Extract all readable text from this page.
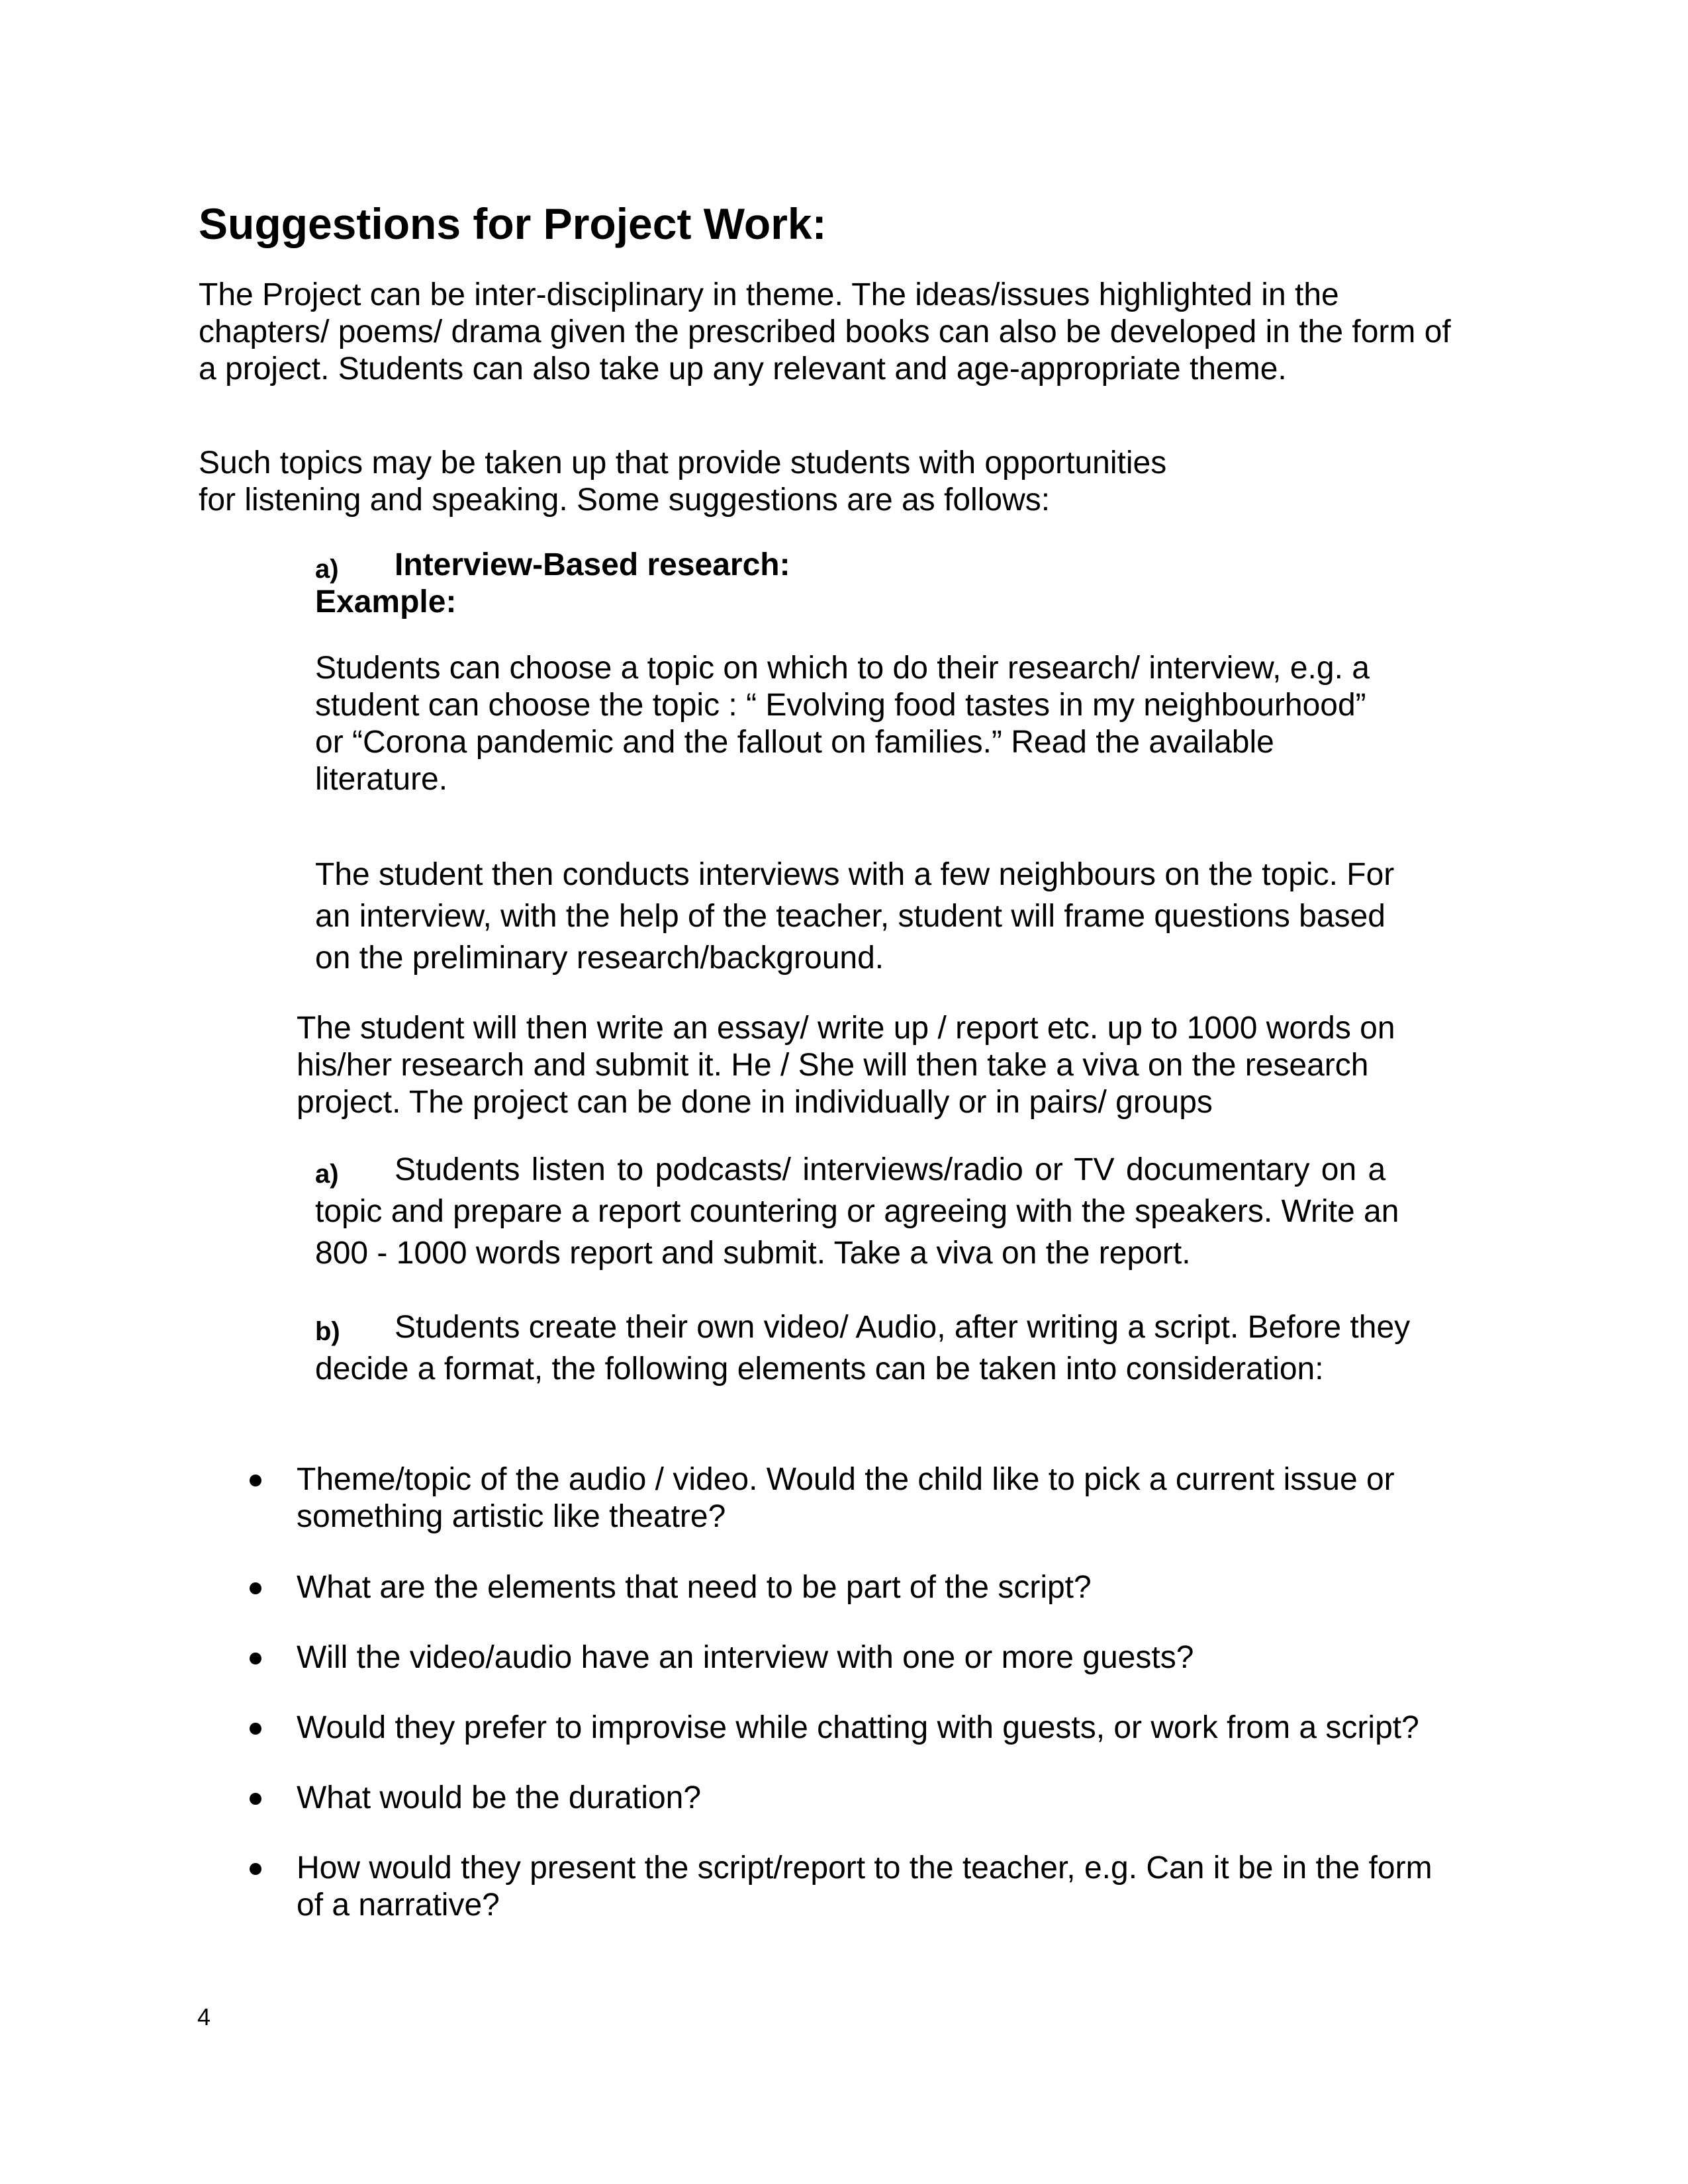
Suggestions for Project Work:
The Project can be inter-disciplinary in theme. The ideas/issues highlighted in the
chapters/ poems/ drama given the prescribed books can also be developed in the form of
a project. Students can also take up any relevant and age-appropriate theme.
Such topics may be taken up that provide students with opportunities
for listening and speaking. Some suggestions are as follows:
a) Interview-Based research:
Example:
Students can choose a topic on which to do their research/ interview, e.g. a
student can choose the topic : “ Evolving food tastes in my neighbourhood”
or “Corona pandemic and the fallout on families.” Read the available
literature.
The student then conducts interviews with a few neighbours on the topic. For
an interview, with the help of the teacher, student will frame questions based
on the preliminary research/background.
The student will then write an essay/ write up / report etc. up to 1000 words on
his/her research and submit it. He / She will then take a viva on the research
project. The project can be done in individually or in pairs/ groups
a) Students listen to podcasts/ interviews/radio or TV documentary on a
topic and prepare a report countering or agreeing with the speakers. Write an
800 - 1000 words report and submit. Take a viva on the report.
b) Students create their own video/ Audio, after writing a script. Before they
decide a format, the following elements can be taken into consideration:
Theme/topic of the audio / video. Would the child like to pick a current issue or
something artistic like theatre?
What are the elements that need to be part of the script?
Will the video/audio have an interview with one or more guests?
Would they prefer to improvise while chatting with guests, or work from a script?
What would be the duration?
How would they present the script/report to the teacher, e.g. Can it be in the form
of a narrative?
4
